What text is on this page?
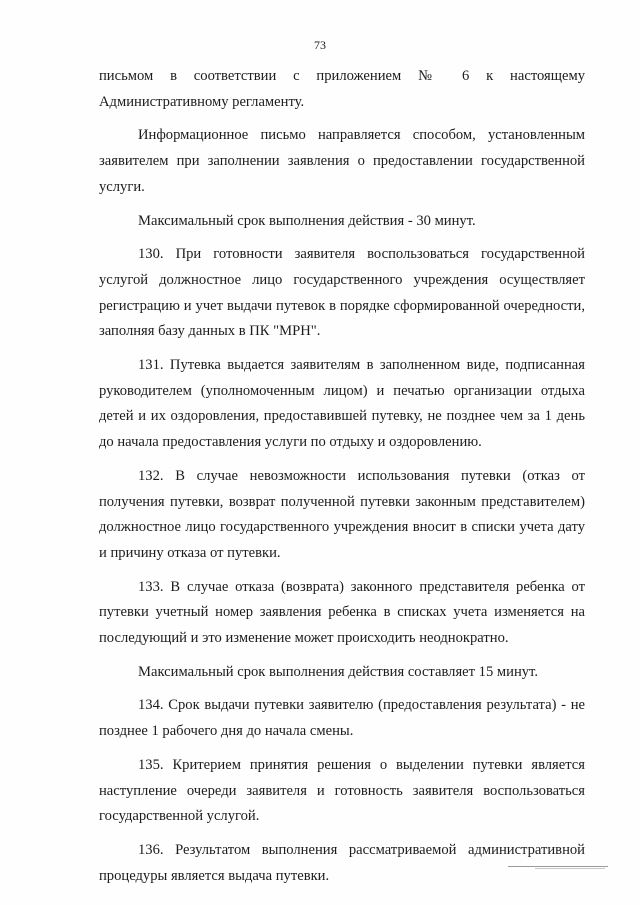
73

письмом в соответствии с приложением № 6 к настоящему
Административному регламенту.

Информационное письмо направляется способом, установленным заявителем при заполнении заявления о предоставлении государственной услуги.

Максимальный срок выполнения действия - 30 минут.

130. При готовности заявителя воспользоваться государственной услугой должностное лицо государственного учреждения осуществляет регистрацию и учет выдачи путевок в порядке сформированной очередности, заполняя базу данных в ПК "МРН".

131. Путевка выдается заявителям в заполненном виде, подписанная руководителем (уполномоченным лицом) и печатью организации отдыха детей и их оздоровления, предоставившей путевку, не позднее чем за 1 день до начала предоставления услуги по отдыху и оздоровлению.

132. В случае невозможности использования путевки (отказ от получения путевки, возврат полученной путевки законным представителем) должностное лицо государственного учреждения вносит в списки учета дату и причину отказа от путевки.

133. В случае отказа (возврата) законного представителя ребенка от путевки учетный номер заявления ребенка в списках учета изменяется на последующий и это изменение может происходить неоднократно.

Максимальный срок выполнения действия составляет 15 минут.

134. Срок выдачи путевки заявителю (предоставления результата) - не позднее 1 рабочего дня до начала смены.

135. Критерием принятия решения о выделении путевки является наступление очереди заявителя и готовность заявителя воспользоваться государственной услугой.

136. Результатом выполнения рассматриваемой административной процедуры является выдача путевки.
